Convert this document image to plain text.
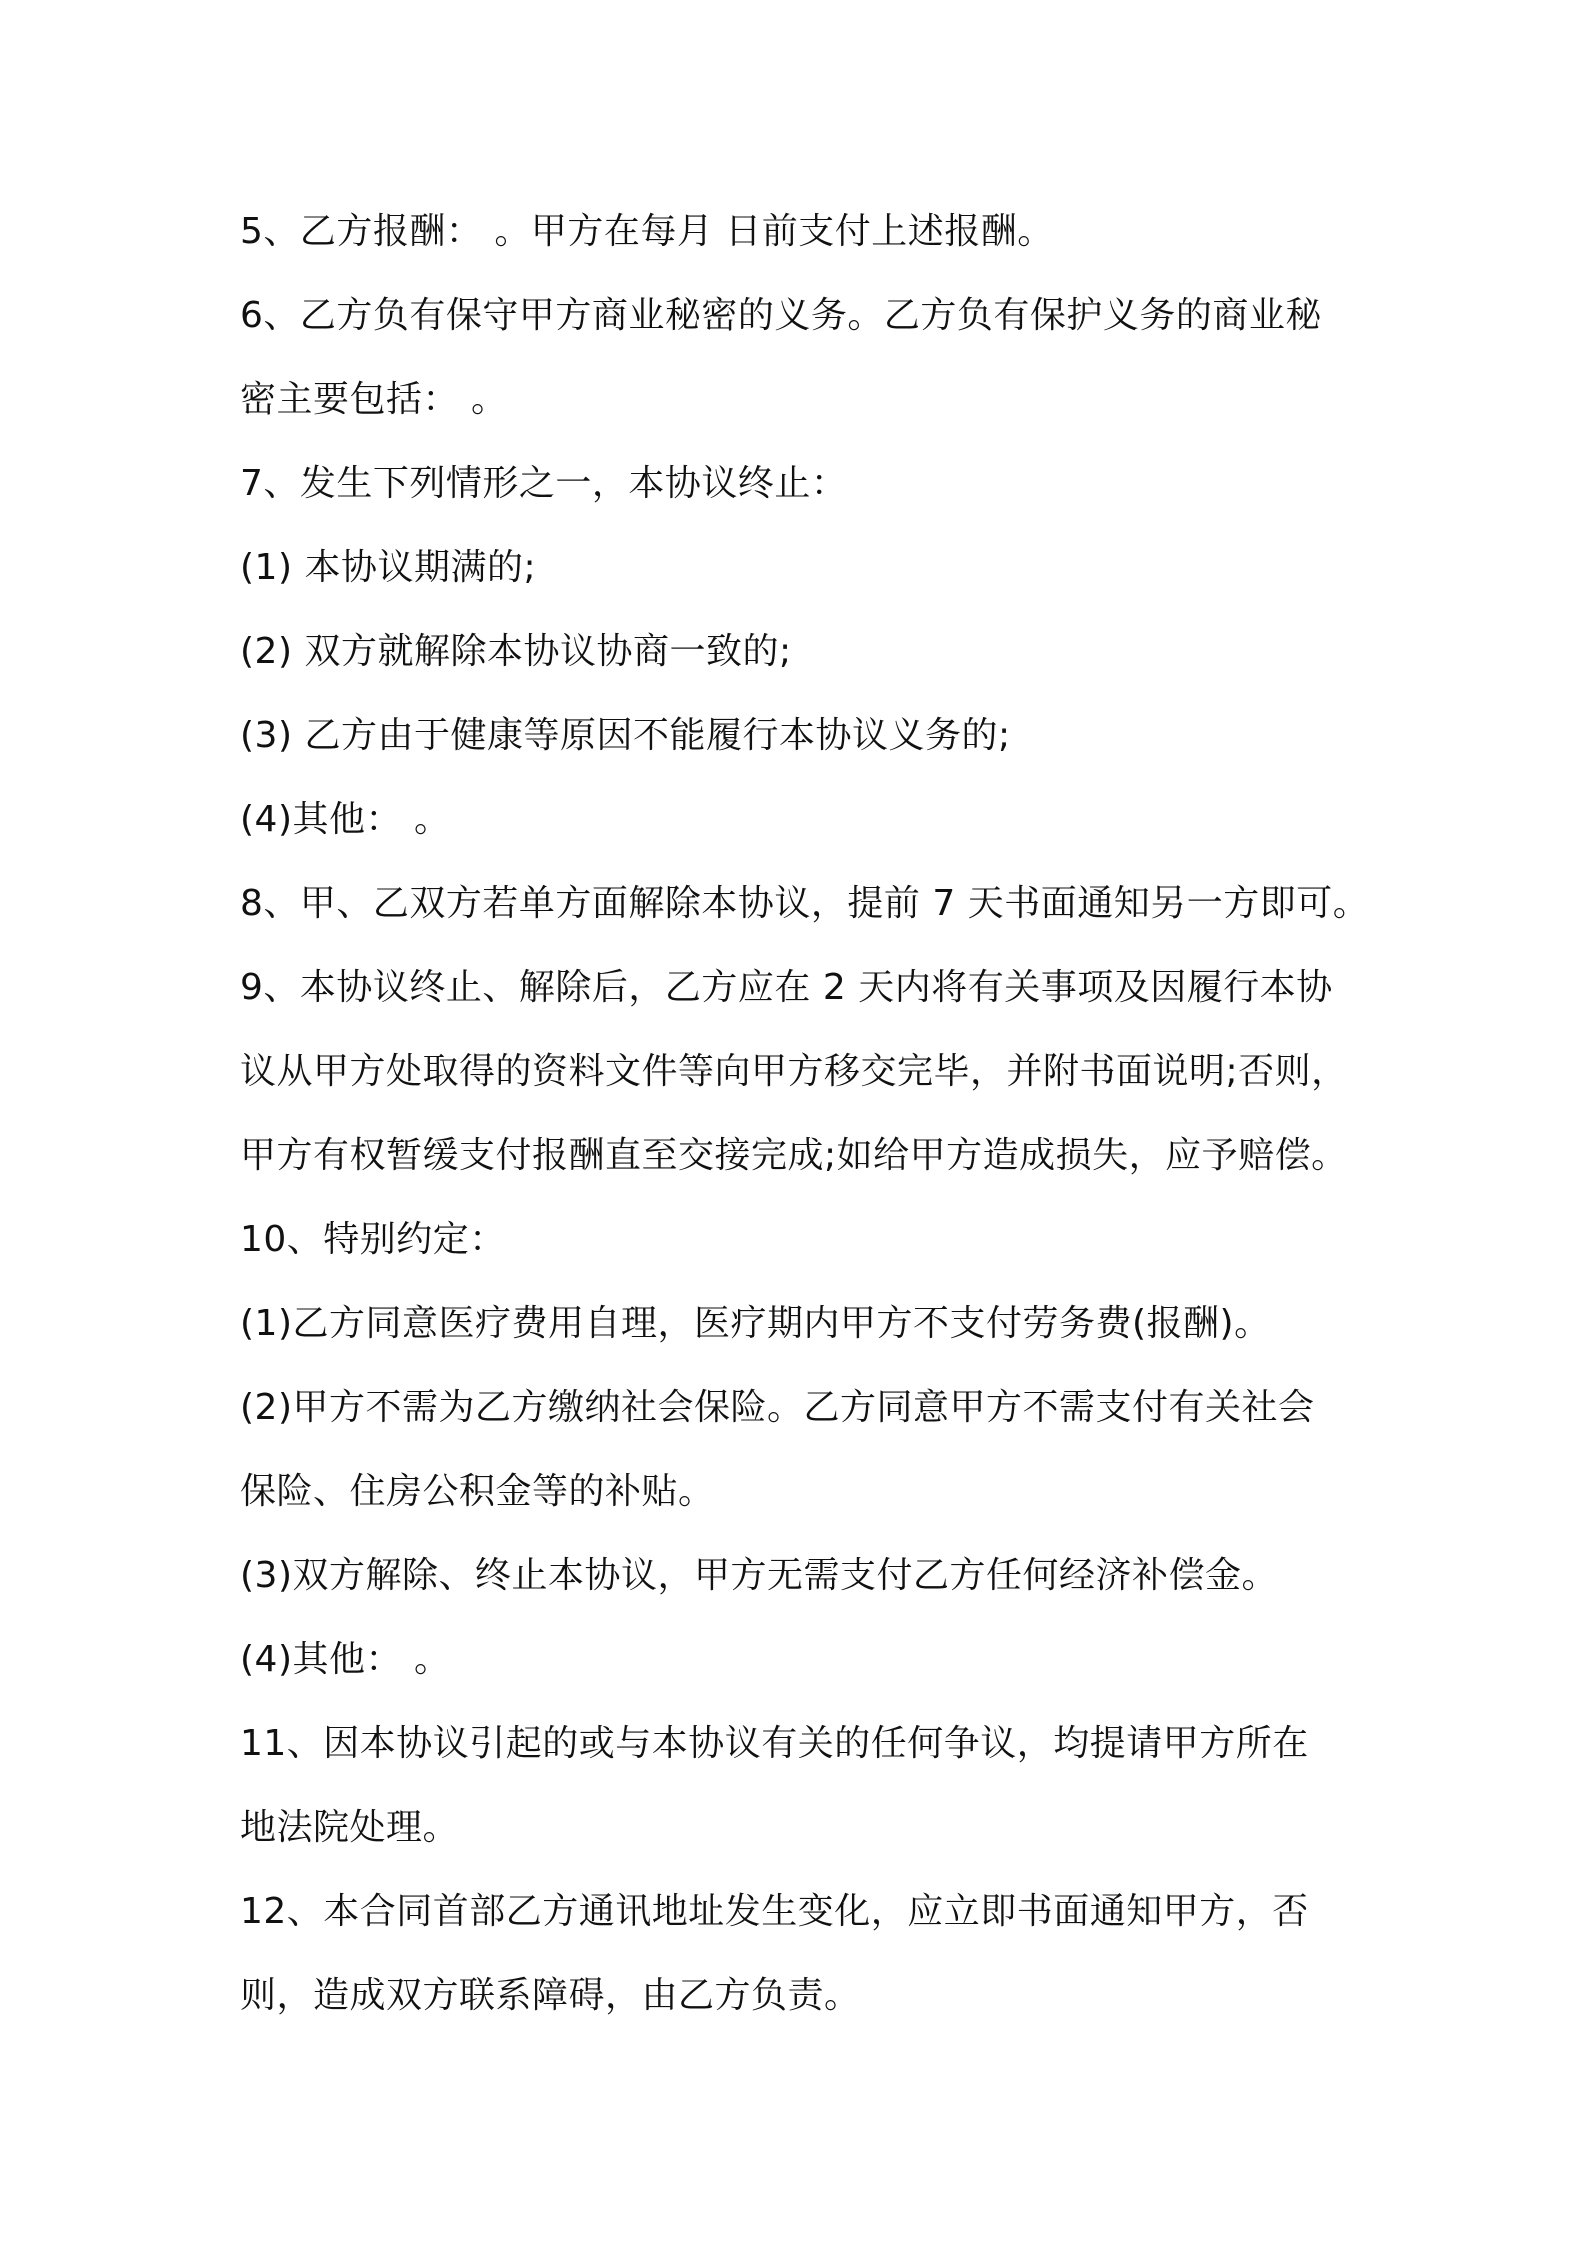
5、乙方报酬： 。甲方在每月 日前支付上述报酬。
6、乙方负有保守甲方商业秘密的义务。乙方负有保护义务的商业秘
密主要包括： 。
7、发生下列情形之一，本协议终止：
(1) 本协议期满的;
(2) 双方就解除本协议协商一致的;
(3) 乙方由于健康等原因不能履行本协议义务的;
(4)其他： 。
8、甲、乙双方若单方面解除本协议，提前 7 天书面通知另一方即可。
9、本协议终止、解除后，乙方应在 2 天内将有关事项及因履行本协
议从甲方处取得的资料文件等向甲方移交完毕，并附书面说明;否则，
甲方有权暂缓支付报酬直至交接完成;如给甲方造成损失，应予赔偿。
10、特别约定：
(1)乙方同意医疗费用自理，医疗期内甲方不支付劳务费(报酬)。
(2)甲方不需为乙方缴纳社会保险。乙方同意甲方不需支付有关社会
保险、住房公积金等的补贴。
(3)双方解除、终止本协议，甲方无需支付乙方任何经济补偿金。
(4)其他： 。
11、因本协议引起的或与本协议有关的任何争议，均提请甲方所在
地法院处理。
12、本合同首部乙方通讯地址发生变化，应立即书面通知甲方，否
则，造成双方联系障碍，由乙方负责。
